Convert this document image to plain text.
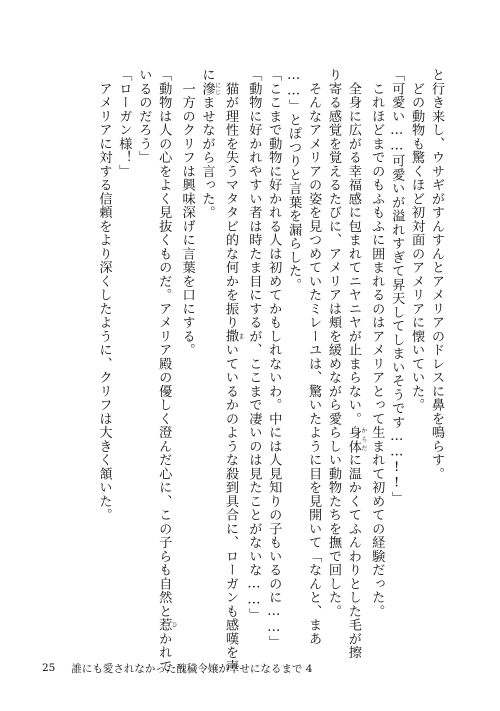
と行き来し、ウサギがすんすんとアメリアのドレスに鼻を鳴らす。
　どの動物も驚くほど初対面のアメリアに懐いていた。
「可愛い……可愛いが溢れすぎて昇天してしまいそうです……!!」
　これほどまでのもふもふに囲まれるのはアメリアとって生まれて初めての経験だった。
　全身に広がる幸福感に包まれてニヤニヤが止まらない。身体 からだに温かくてふんわりとした毛が擦
り寄る感覚を覚えるたびに、アメリアは頬を緩めながら愛らしい動物たちを撫で回した。
　そんなアメリアの姿を見つめていたミレーユは、驚いたように目を見開いて「なんと、まあ
……」とぽつりと言葉を漏らした。
「ここまで動物に好かれる人は初めてかもしれないわ。中には人見知りの子もいるのに……」
「動物に好かれやすい者は時たま目にするが、ここまで凄いのは見たことがないな……」
　猫が理性を失うマタタビ的な何かを振り撒 まいているかのような殺到具合に、ローガンも感嘆を声
に滲 にじませながら言った。
　一方のクリフは興味深げに言葉を口にする。
「動物は人の心をよく見抜くものだ。アメリア殿の優しく澄んだ心に、この子らも自然と惹 ひかれて
いるのだろう」
「ローガン様！」
　アメリアに対する信頼をより深くしたように、クリフは大きく頷いた。
25 誰にも愛されなかった醜穢令嬢が幸せになるまで 4
